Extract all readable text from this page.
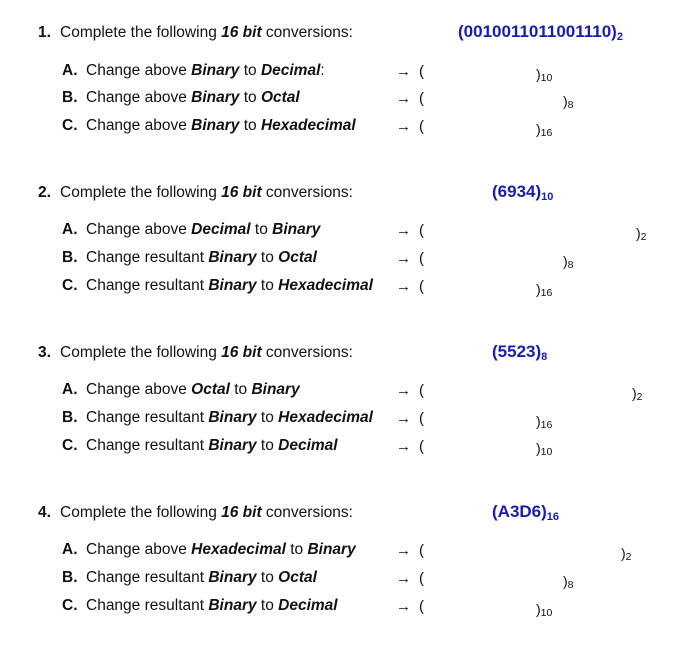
1. Complete the following 16 bit conversions:	$(0010011011001110)_2$
A. Change above Binary to Decimal:	→ (	)10
B. Change above Binary to Octal	→ (	)8
C. Change above Binary to Hexadecimal	→ (	)16
2. Complete the following 16 bit conversions:	$(6934)_{10}$
A. Change above Decimal to Binary	→ (	)2
B. Change resultant Binary to Octal	→ (	)8
C. Change resultant Binary to Hexadecimal → (	)16
3. Complete the following 16 bit conversions:	$(5523)_8$
A. Change above Octal to Binary	→ (	)2
B. Change resultant Binary to Hexadecimal → (	)16
C. Change resultant Binary to Decimal	→ (	)10
4. Complete the following 16 bit conversions:	$(A3D6)_{16}$
A. Change above Hexadecimal to Binary	→ (	)2
B. Change resultant Binary to Octal	→ (	)8
C. Change resultant Binary to Decimal	→ (	)10
